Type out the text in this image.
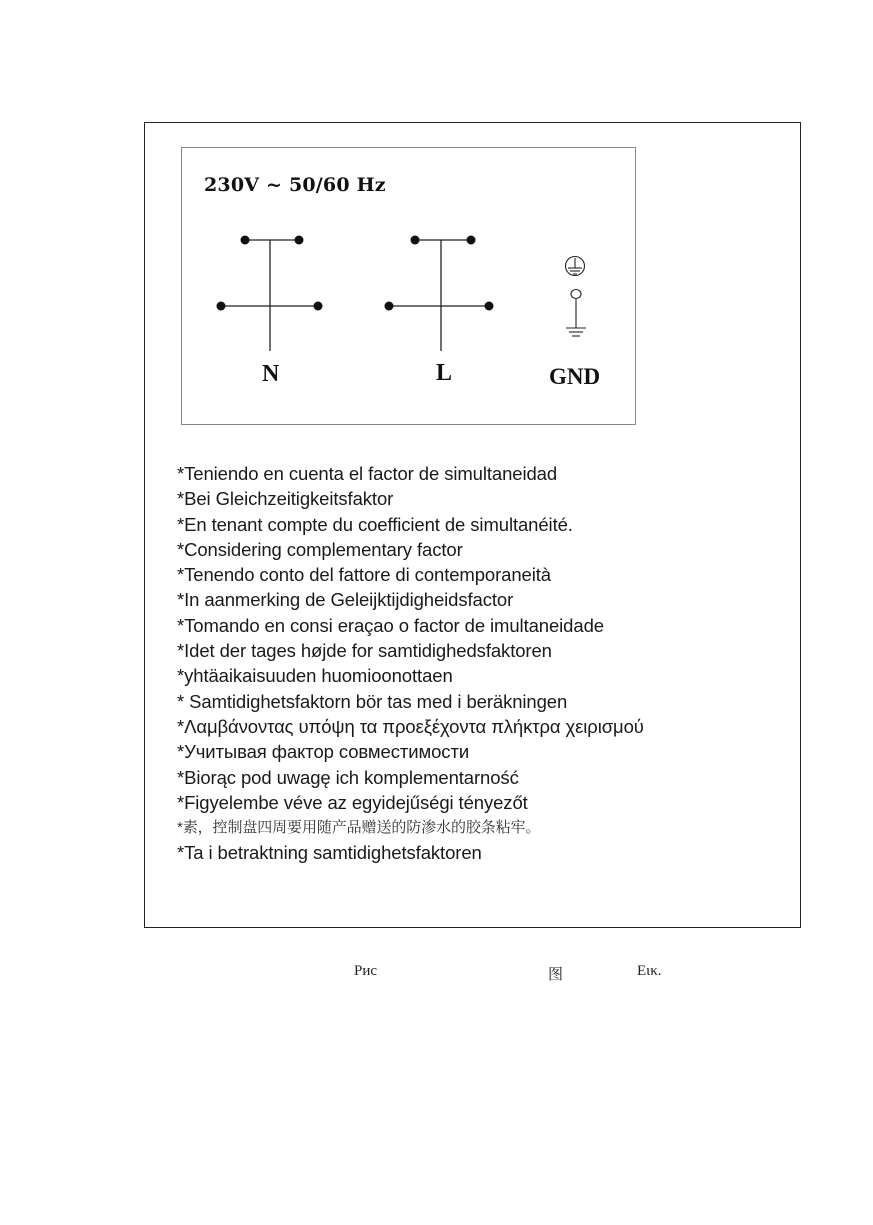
230V ~ 50/60 Hz
N	L	GND
*Teniendo en cuenta el factor de simultaneidad
*Bei Gleichzeitigkeitsfaktor
*En tenant compte du coefficient de simultanéité.
*Considering complementary factor
*Tenendo conto del fattore di contemporaneità
*In aanmerking de Geleijktijdigheidsfactor
*Tomando en consi eraçao o factor de imultaneidade
*Idet der tages højde for samtidighedsfaktoren
*yhtäaikaisuuden huomioonottaen
* Samtidighetsfaktorn bör tas med i beräkningen
*Λαμβάνοντας υπόψη τα προεξέχοντα πλήκτρα χειρισμού
*Учитывая фактор совместимости
*Biorąc pod uwagę ich komplementarność
*Figyelembe véve az egyidejűségi tényezőt
*素，控制盘四周要用随产品赠送的防渗水的胶条粘牢。
*Ta i betraktning samtidighetsfaktoren
Рис	图	Εικ.
